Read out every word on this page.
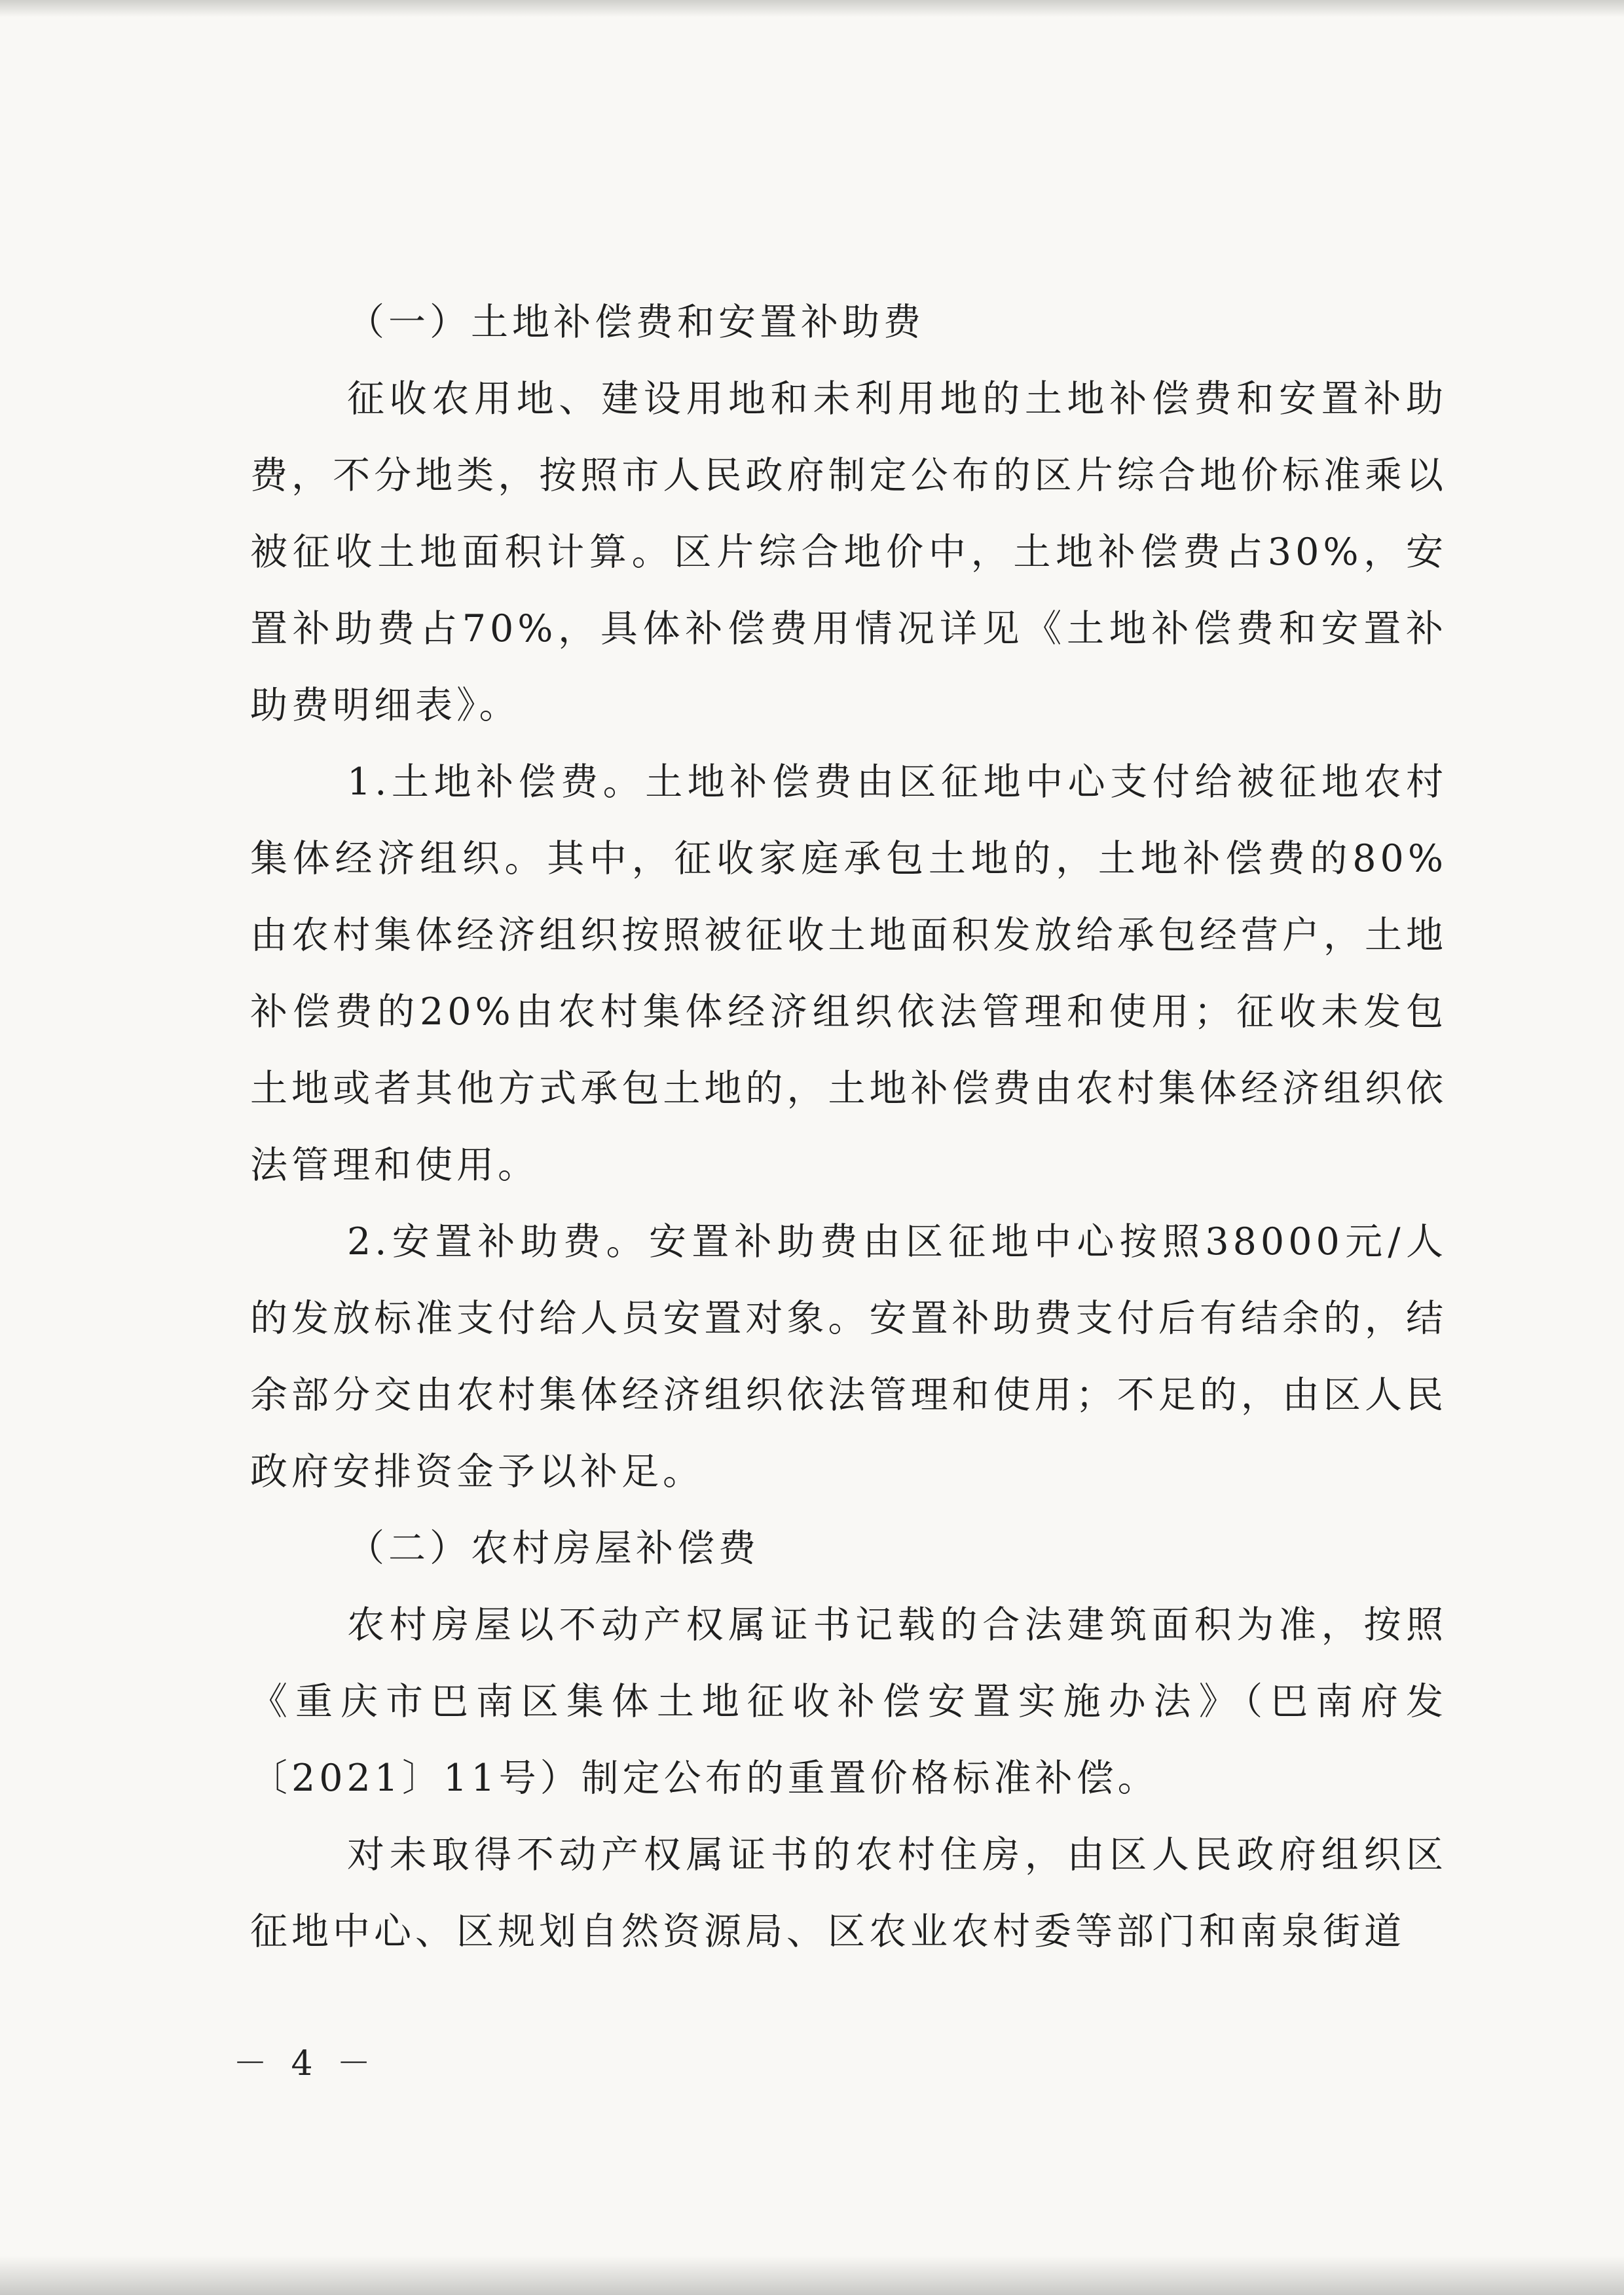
（一）土地补偿费和安置补助费

征收农用地、建设用地和未利用地的土地补偿费和安置补助费，不分地类，按照市人民政府制定公布的区片综合地价标准乘以被征收土地面积计算。区片综合地价中，土地补偿费占30%，安置补助费占70%，具体补偿费用情况详见《土地补偿费和安置补助费明细表》。

1.土地补偿费。土地补偿费由区征地中心支付给被征地农村集体经济组织。其中，征收家庭承包土地的，土地补偿费的80%由农村集体经济组织按照被征收土地面积发放给承包经营户，土地补偿费的20%由农村集体经济组织依法管理和使用；征收未发包土地或者其他方式承包土地的，土地补偿费由农村集体经济组织依法管理和使用。

2.安置补助费。安置补助费由区征地中心按照38000元/人的发放标准支付给人员安置对象。安置补助费支付后有结余的，结余部分交由农村集体经济组织依法管理和使用；不足的，由区人民政府安排资金予以补足。

（二）农村房屋补偿费

农村房屋以不动产权属证书记载的合法建筑面积为准，按照《重庆市巴南区集体土地征收补偿安置实施办法》（巴南府发〔2021〕11号）制定公布的重置价格标准补偿。

对未取得不动产权属证书的农村住房，由区人民政府组织区征地中心、区规划自然资源局、区农业农村委等部门和南泉街道

－ 4 －
